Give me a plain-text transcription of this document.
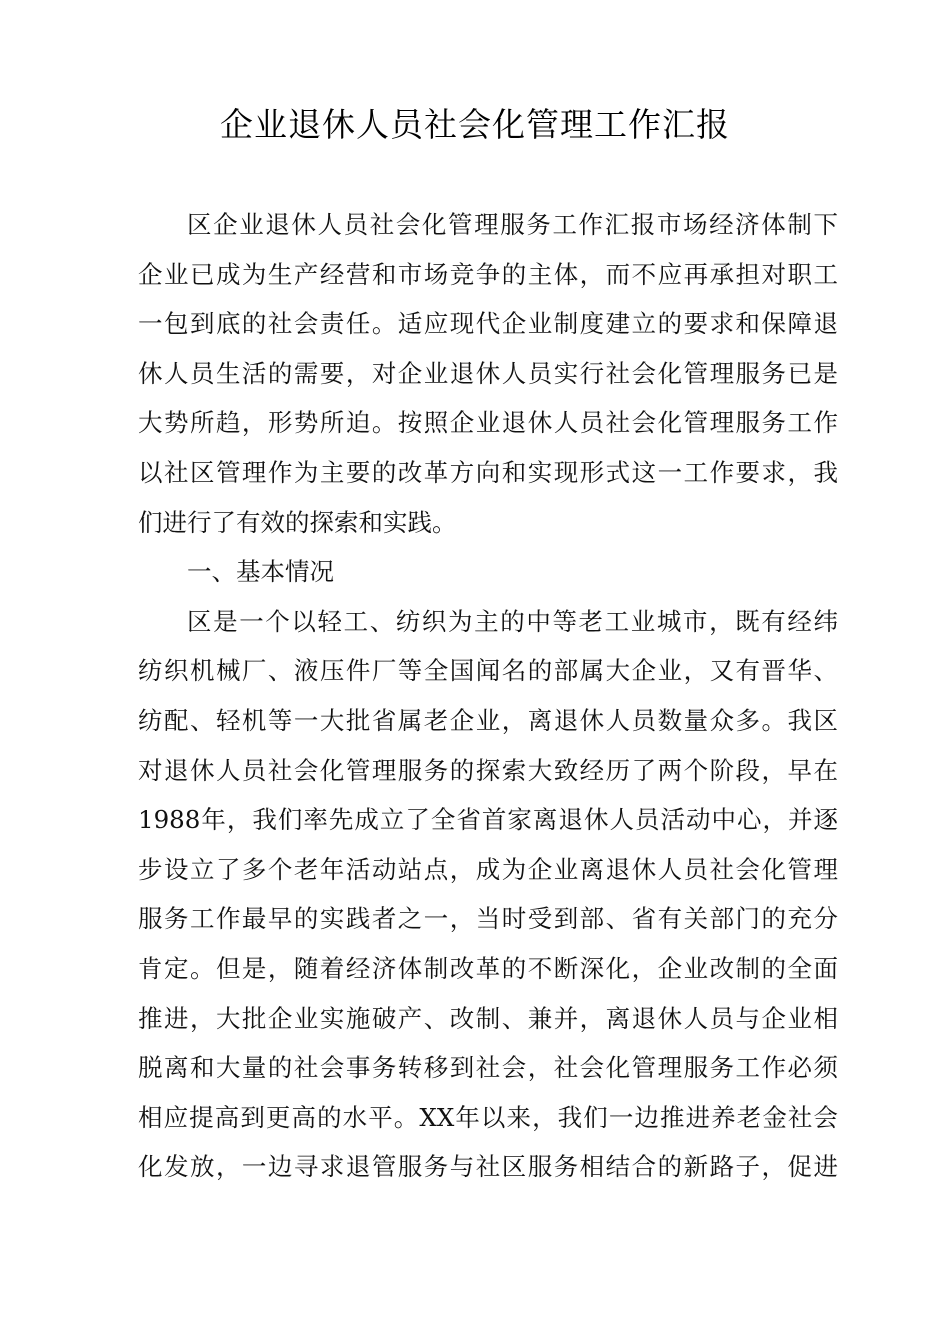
企业退休人员社会化管理工作汇报
区企业退休人员社会化管理服务工作汇报市场经济体制下
企业已成为生产经营和市场竞争的主体，而不应再承担对职工
一包到底的社会责任。适应现代企业制度建立的要求和保障退
休人员生活的需要，对企业退休人员实行社会化管理服务已是
大势所趋，形势所迫。按照企业退休人员社会化管理服务工作
以社区管理作为主要的改革方向和实现形式这一工作要求，我
们进行了有效的探索和实践。
一、基本情况
区是一个以轻工、纺织为主的中等老工业城市，既有经纬
纺织机械厂、液压件厂等全国闻名的部属大企业，又有晋华、
纺配、轻机等一大批省属老企业，离退休人员数量众多。我区
对退休人员社会化管理服务的探索大致经历了两个阶段，早在
1988年，我们率先成立了全省首家离退休人员活动中心，并逐
步设立了多个老年活动站点，成为企业离退休人员社会化管理
服务工作最早的实践者之一，当时受到部、省有关部门的充分
肯定。但是，随着经济体制改革的不断深化，企业改制的全面
推进，大批企业实施破产、改制、兼并，离退休人员与企业相
脱离和大量的社会事务转移到社会，社会化管理服务工作必须
相应提高到更高的水平。XX年以来，我们一边推进养老金社会
化发放，一边寻求退管服务与社区服务相结合的新路子，促进
